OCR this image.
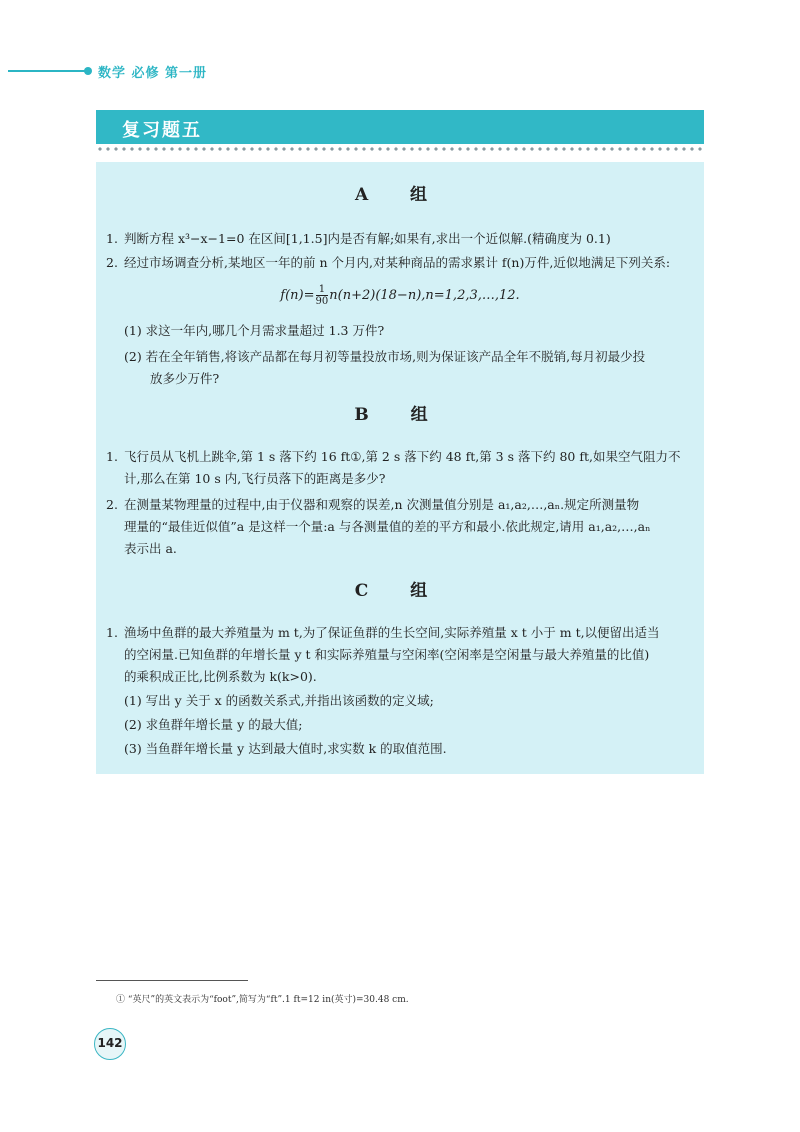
数学 必修 第一册
复习题五
A 组
1. 判断方程 x³−x−1=0 在区间[1,1.5]内是否有解;如果有,求出一个近似解.(精确度为 0.1)
2. 经过市场调查分析,某地区一年的前 n 个月内,对某种商品的需求累计 f(n)万件,近似地满足下列关系:
$f(n)= \frac{1}{90}$ n(n+2)(18−n),n=1,2,3,…,12.
(1) 求这一年内,哪几个月需求量超过 1.3 万件?
(2) 若在全年销售,将该产品都在每月初等量投放市场,则为保证该产品全年不脱销,每月初最少投
放多少万件?
B 组
1. 飞行员从飞机上跳伞,第 1 s 落下约 16 ft①,第 2 s 落下约 48 ft,第 3 s 落下约 80 ft,如果空气阻力不
计,那么在第 10 s 内,飞行员落下的距离是多少?
2. 在测量某物理量的过程中,由于仪器和观察的误差,n 次测量值分别是 a₁,a₂,…,aₙ.规定所测量物
理量的“最佳近似值”a 是这样一个量:a 与各测量值的差的平方和最小.依此规定,请用 a₁,a₂,…,aₙ
表示出 a.
C 组
1. 渔场中鱼群的最大养殖量为 m t,为了保证鱼群的生长空间,实际养殖量 x t 小于 m t,以便留出适当
的空闲量.已知鱼群的年增长量 y t 和实际养殖量与空闲率(空闲率是空闲量与最大养殖量的比值)
的乘积成正比,比例系数为 k(k>0).
(1) 写出 y 关于 x 的函数关系式,并指出该函数的定义域;
(2) 求鱼群年增长量 y 的最大值;
(3) 当鱼群年增长量 y 达到最大值时,求实数 k 的取值范围.
① “英尺”的英文表示为“foot”,简写为“ft”.1 ft=12 in(英寸)=30.48 cm.
142
